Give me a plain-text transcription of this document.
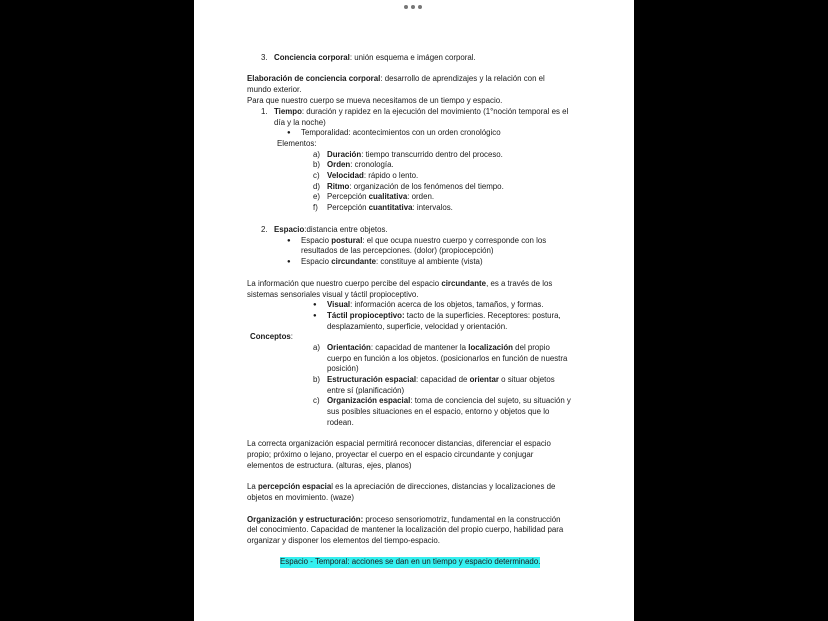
3. Conciencia corporal: unión esquema e imágen corporal.
Elaboración de conciencia corporal: desarrollo de aprendizajes y la relación con el
mundo exterior.
Para que nuestro cuerpo se mueva necesitamos de un tiempo y espacio.
1. Tiempo: duración y rapidez en la ejecución del movimiento (1°noción temporal es el
día y la noche)
● Temporalidad: acontecimientos con un orden cronológico
Elementos:
a) Duración: tiempo transcurrido dentro del proceso.
b) Orden: cronología.
c) Velocidad: rápido o lento.
d) Ritmo: organización de los fenómenos del tiempo.
e) Percepción cualitativa: orden.
f) Percepción cuantitativa: intervalos.
2. Espacio:distancia entre objetos.
● Espacio postural: el que ocupa nuestro cuerpo y corresponde con los
resultados de las percepciones. (dolor) (propiocepción)
● Espacio circundante: constituye al ambiente (vista)
La información que nuestro cuerpo percibe del espacio circundante, es a través de los
sistemas sensoriales visual y táctil propioceptivo.
● Visual: información acerca de los objetos, tamaños, y formas.
● Táctil propioceptivo: tacto de la superficies. Receptores: postura,
desplazamiento, superficie, velocidad y orientación.
Conceptos:
a) Orientación: capacidad de mantener la localización del propio
cuerpo en función a los objetos. (posicionarlos en función de nuestra
posición)
b) Estructuración espacial: capacidad de orientar o situar objetos
entre sí (planificación)
c) Organización espacial: toma de conciencia del sujeto, su situación y
sus posibles situaciones en el espacio, entorno y objetos que lo
rodean.
La correcta organización espacial permitirá reconocer distancias, diferenciar el espacio
propio; próximo o lejano, proyectar el cuerpo en el espacio circundante y conjugar
elementos de estructura. (alturas, ejes, planos)
La percepción espacial es la apreciación de direcciones, distancias y localizaciones de
objetos en movimiento. (waze)
Organización y estructuración: proceso sensoriomotriz, fundamental en la construcción
del conocimiento. Capacidad de mantener la localización del propio cuerpo, habilidad para
organizar y disponer los elementos del tiempo-espacio.
Espacio - Temporal: acciones se dan en un tiempo y espacio determinado.
